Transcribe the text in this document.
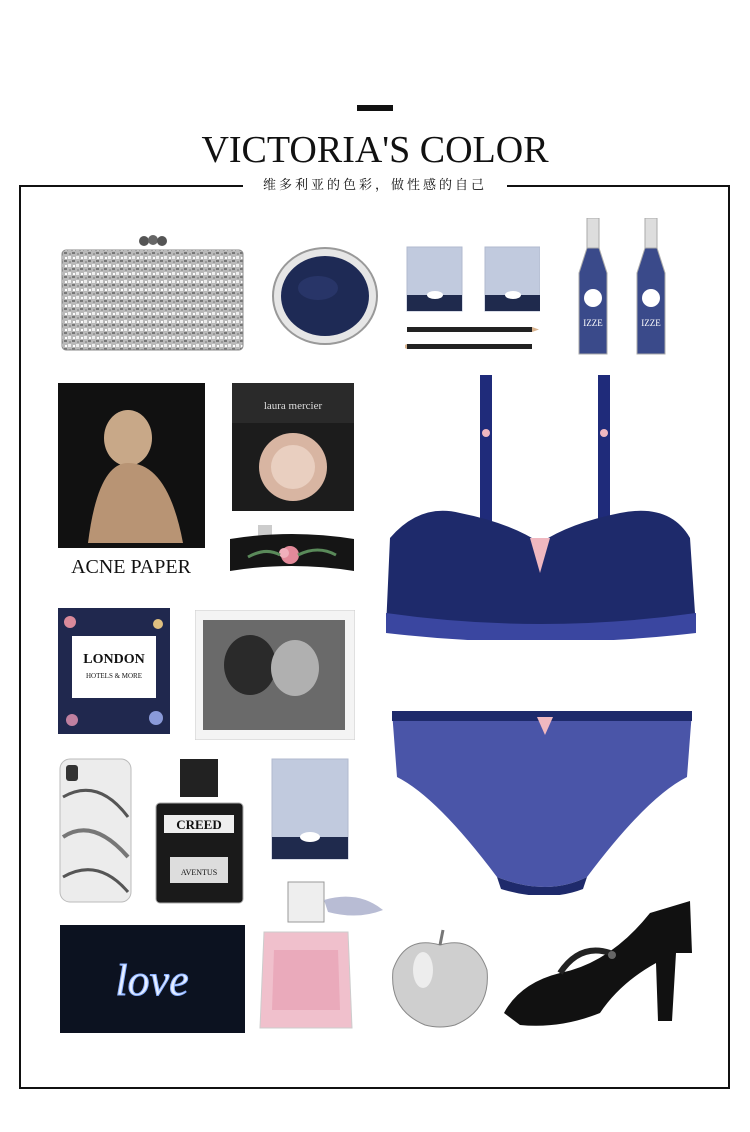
VICTORIA'S COLOR
维多利亚的色彩，做性感的自己
IZZE	IZZE
ACNE PAPER
laura mercier
LONDON
HOTELS & MORE
CREED
AVENTUS
love
